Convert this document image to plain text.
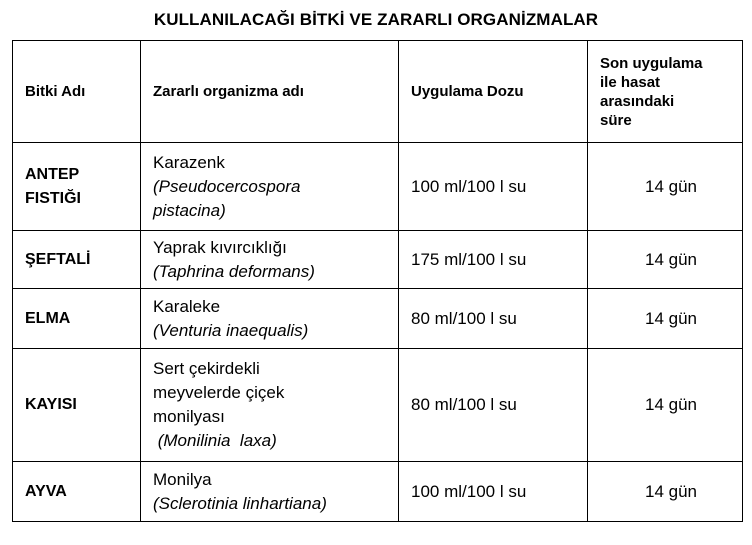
KULLANILACAĞI BİTKİ VE ZARARLI ORGANİZMALAR
Bitki Adı	Zararlı organizma adı	Uygulama Dozu	Son uygulama
ile hasat
arasındaki
süre

ANTEP
FISTIĞI	Karazenk
(Pseudocercospora
pistacina)	100 ml/100 l su	14 gün

ŞEFTALİ	Yaprak kıvırcıklığı
(Taphrina deformans)	175 ml/100 l su	14 gün

ELMA	Karaleke
(Venturia inaequalis)	80 ml/100 l su	14 gün

KAYISI	Sert çekirdekli
meyvelerde çiçek
monilyası
(Monilinia  laxa)	80 ml/100 l su	14 gün

AYVA	Monilya
(Sclerotinia linhartiana)	100 ml/100 l su	14 gün
